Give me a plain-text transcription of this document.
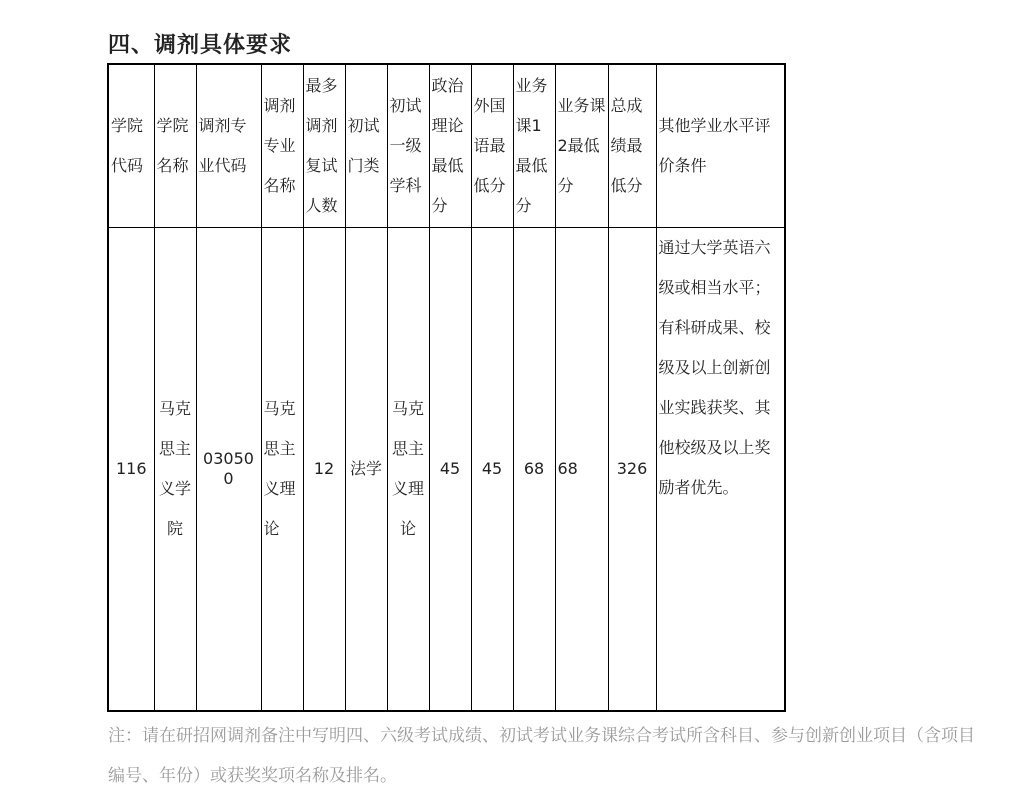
四、调剂具体要求
学院代码	学院名称	调剂专业代码	调剂专业名称	最多调剂复试人数	初试门类	初试一级学科	政治理论最低分	外国语最低分	业务课1最低分	业务课2最低分	总成绩最低分	其他学业水平评价条件
116	马克思主义学院	030500	马克思主义理论	12	法学	马克思主义理论	45	45	68	68	326	通过大学英语六级或相当水平；有科研成果、校级及以上创新创业实践获奖、其他校级及以上奖励者优先。
注：请在研招网调剂备注中写明四、六级考试成绩、初试考试业务课综合考试所含科目、参与创新创业项目（含项目编号、年份）或获奖奖项名称及排名。
